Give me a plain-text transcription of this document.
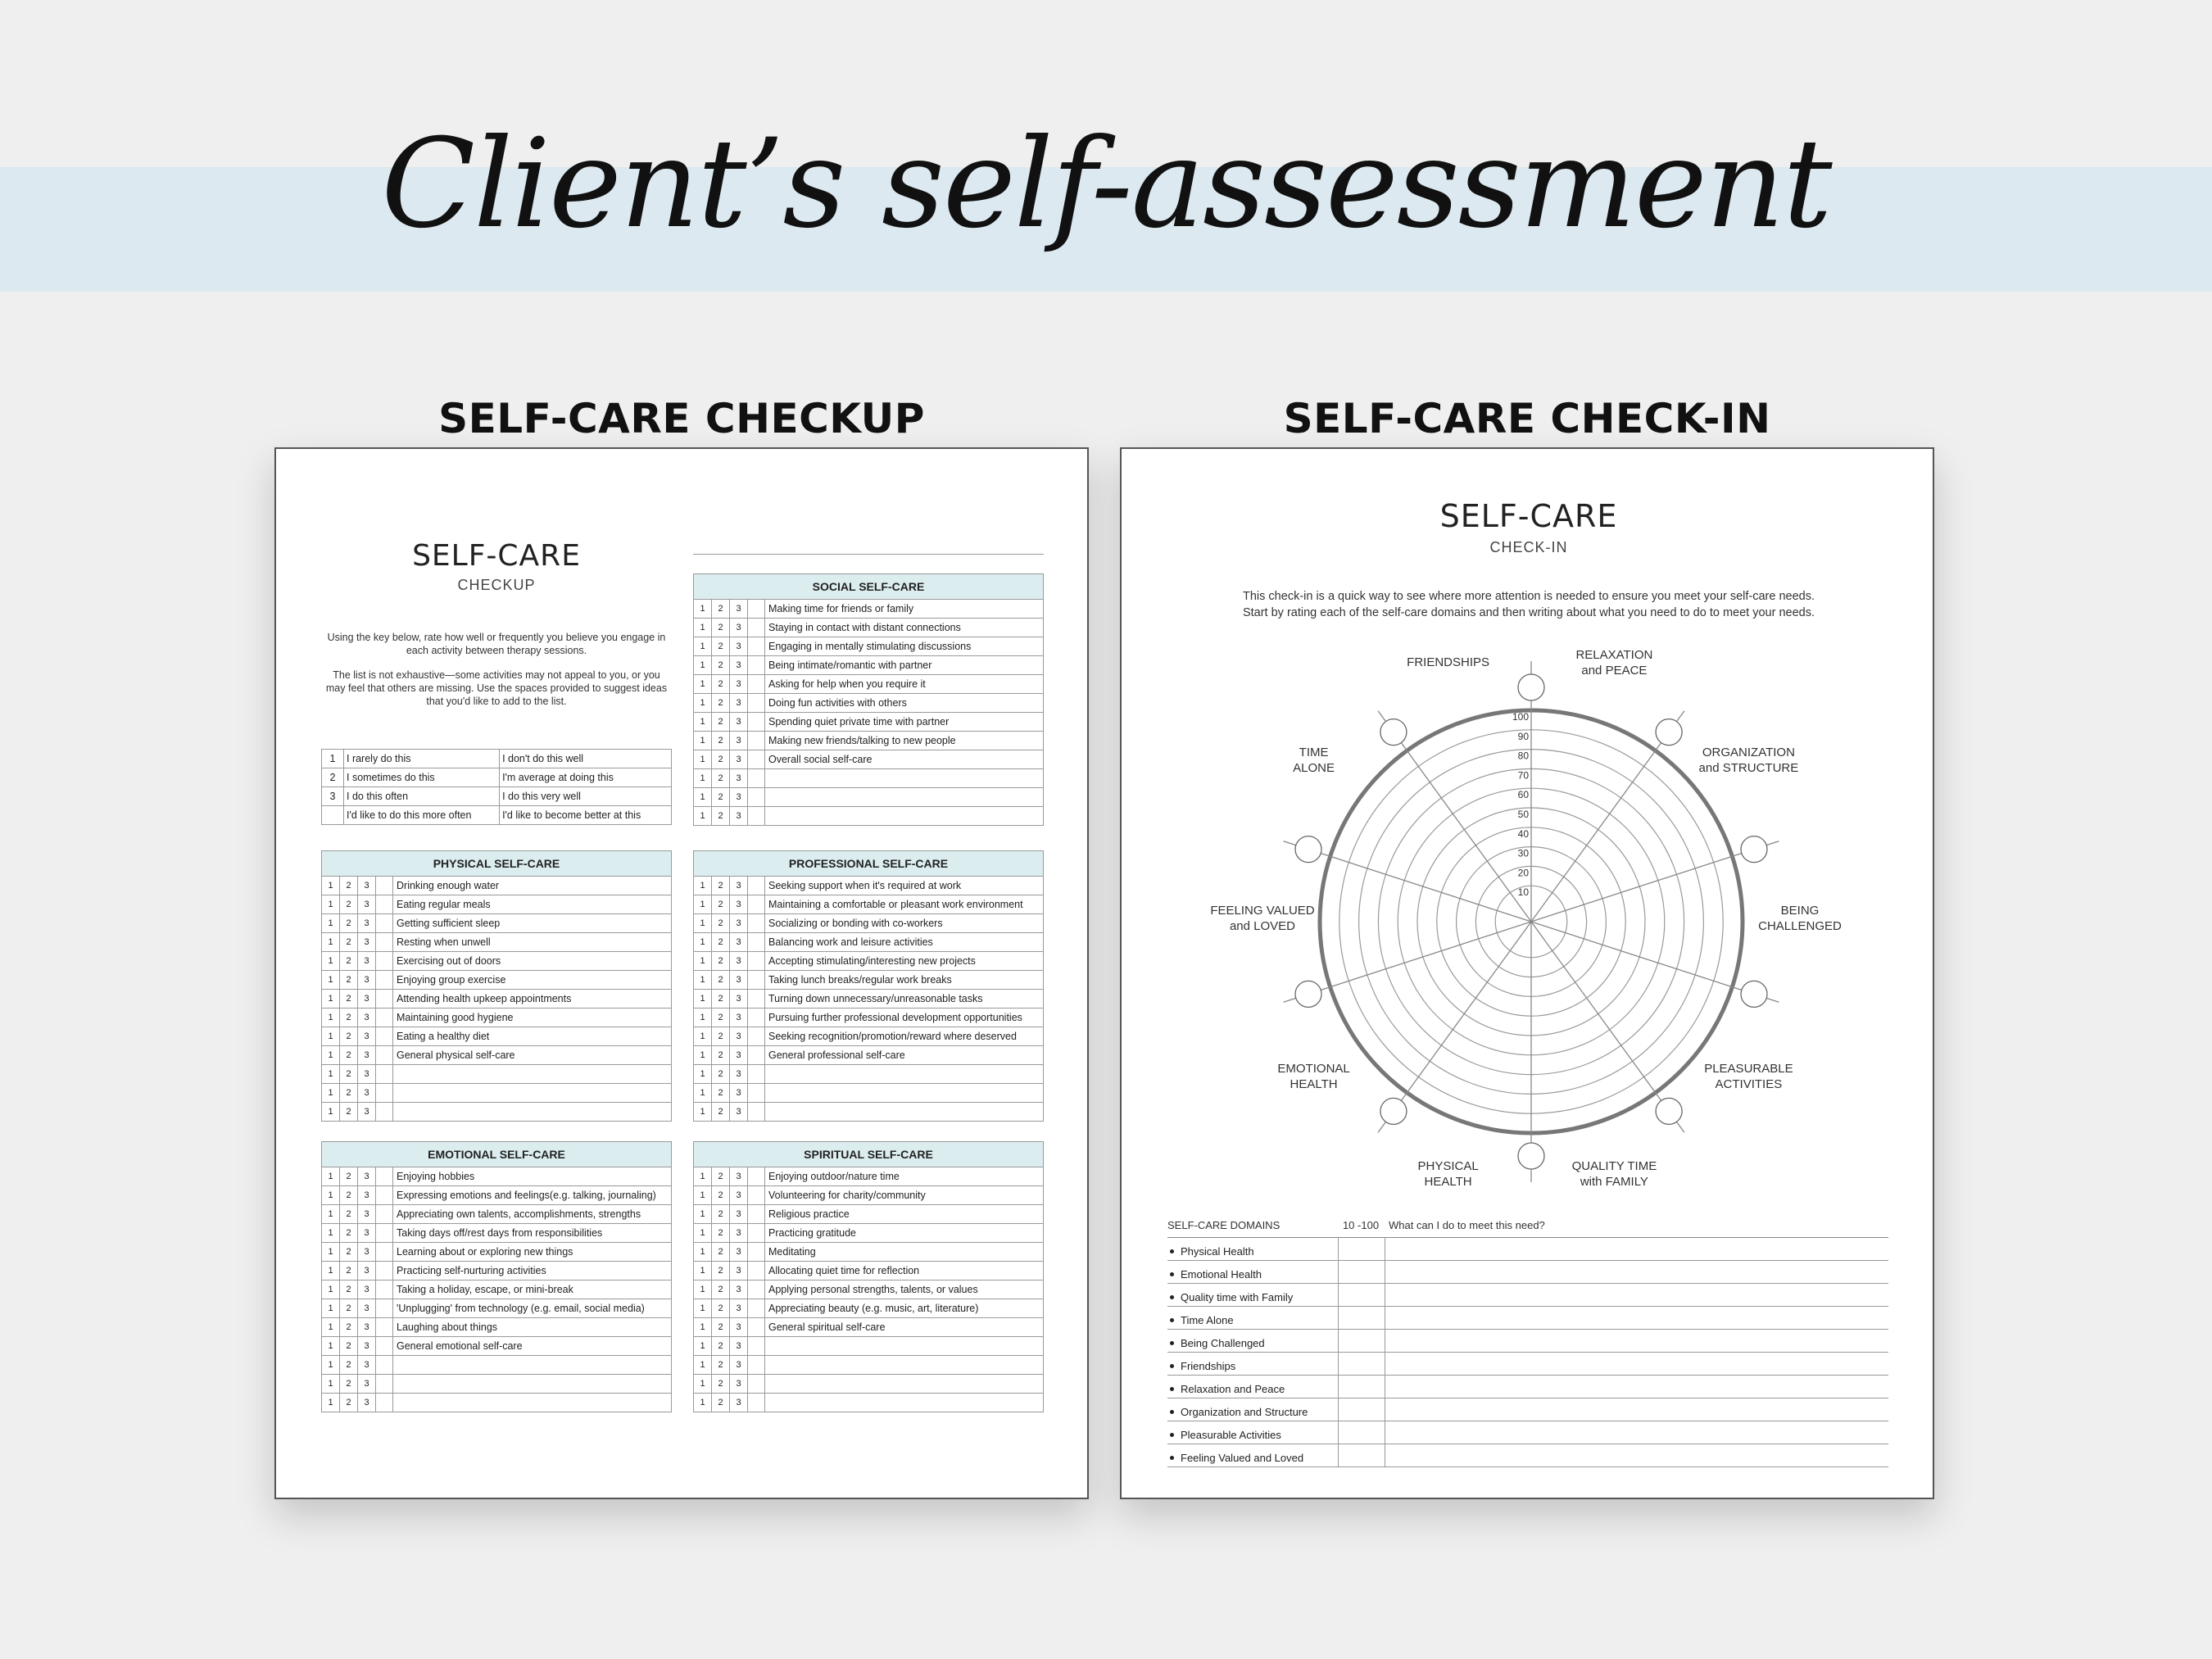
Client’s self-assessment
SELF-CARE CHECKUP	SELF-CARE CHECK-IN
SELF-CARE
CHECKUP
Using the key below, rate how well or frequently you believe you engage in each activity between therapy sessions.
The list is not exhaustive—some activities may not appeal to you, or you may feel that others are missing. Use the spaces provided to suggest ideas that you'd like to add to the list.
1	I rarely do this	I don't do this well
2	I sometimes do this	I'm average at doing this
3	I do this often	I do this very well
	I'd like to do this more often	I'd like to become better at this
SOCIAL SELF-CARE
1	2	3	Making time for friends or family
1	2	3	Staying in contact with distant connections
1	2	3	Engaging in mentally stimulating discussions
1	2	3	Being intimate/romantic with partner
1	2	3	Asking for help when you require it
1	2	3	Doing fun activities with others
1	2	3	Spending quiet private time with partner
1	2	3	Making new friends/talking to new people
1	2	3	Overall social self-care
1	2	3
1	2	3
1	2	3
PHYSICAL SELF-CARE
1	2	3	Drinking enough water
1	2	3	Eating regular meals
1	2	3	Getting sufficient sleep
1	2	3	Resting when unwell
1	2	3	Exercising out of doors
1	2	3	Enjoying group exercise
1	2	3	Attending health upkeep appointments
1	2	3	Maintaining good hygiene
1	2	3	Eating a healthy diet
1	2	3	General physical self-care
1	2	3
1	2	3
1	2	3
PROFESSIONAL SELF-CARE
1	2	3	Seeking support when it's required at work
1	2	3	Maintaining a comfortable or pleasant work environment
1	2	3	Socializing or bonding with co-workers
1	2	3	Balancing work and leisure activities
1	2	3	Accepting stimulating/interesting new projects
1	2	3	Taking lunch breaks/regular work breaks
1	2	3	Turning down unnecessary/unreasonable tasks
1	2	3	Pursuing further professional development opportunities
1	2	3	Seeking recognition/promotion/reward where deserved
1	2	3	General professional self-care
1	2	3
1	2	3
1	2	3
EMOTIONAL SELF-CARE
1	2	3	Enjoying hobbies
1	2	3	Expressing emotions and feelings(e.g. talking, journaling)
1	2	3	Appreciating own talents, accomplishments, strengths
1	2	3	Taking days off/rest days from responsibilities
1	2	3	Learning about or exploring new things
1	2	3	Practicing self-nurturing activities
1	2	3	Taking a holiday, escape, or mini-break
1	2	3	'Unplugging' from technology (e.g. email, social media)
1	2	3	Laughing about things
1	2	3	General emotional self-care
1	2	3
1	2	3
1	2	3
SPIRITUAL SELF-CARE
1	2	3	Enjoying outdoor/nature time
1	2	3	Volunteering for charity/community
1	2	3	Religious practice
1	2	3	Practicing gratitude
1	2	3	Meditating
1	2	3	Allocating quiet time for reflection
1	2	3	Applying personal strengths, talents, or values
1	2	3	Appreciating beauty (e.g. music, art, literature)
1	2	3	General spiritual self-care
1	2	3
1	2	3
1	2	3
1	2	3
SELF-CARE
CHECK-IN
This check-in is a quick way to see where more attention is needed to ensure you meet your self-care needs.
Start by rating each of the self-care domains and then writing about what you need to do to meet your needs.
RELAXATION
and PEACE
ORGANIZATION
and STRUCTURE
BEING
CHALLENGED
PLEASURABLE
ACTIVITIES
QUALITY TIME
with FAMILY
PHYSICAL
HEALTH
EMOTIONAL
HEALTH
FEELING VALUED
and LOVED
TIME
ALONE
FRIENDSHIPS
10
20
30
40
50
60
70
80
90
100
SELF-CARE DOMAINS	10 -100 What can I do to meet this need?
Physical Health
Emotional Health
Quality time with Family
Time Alone
Being Challenged
Friendships
Relaxation and Peace
Organization and Structure
Pleasurable Activities
Feeling Valued and Loved
